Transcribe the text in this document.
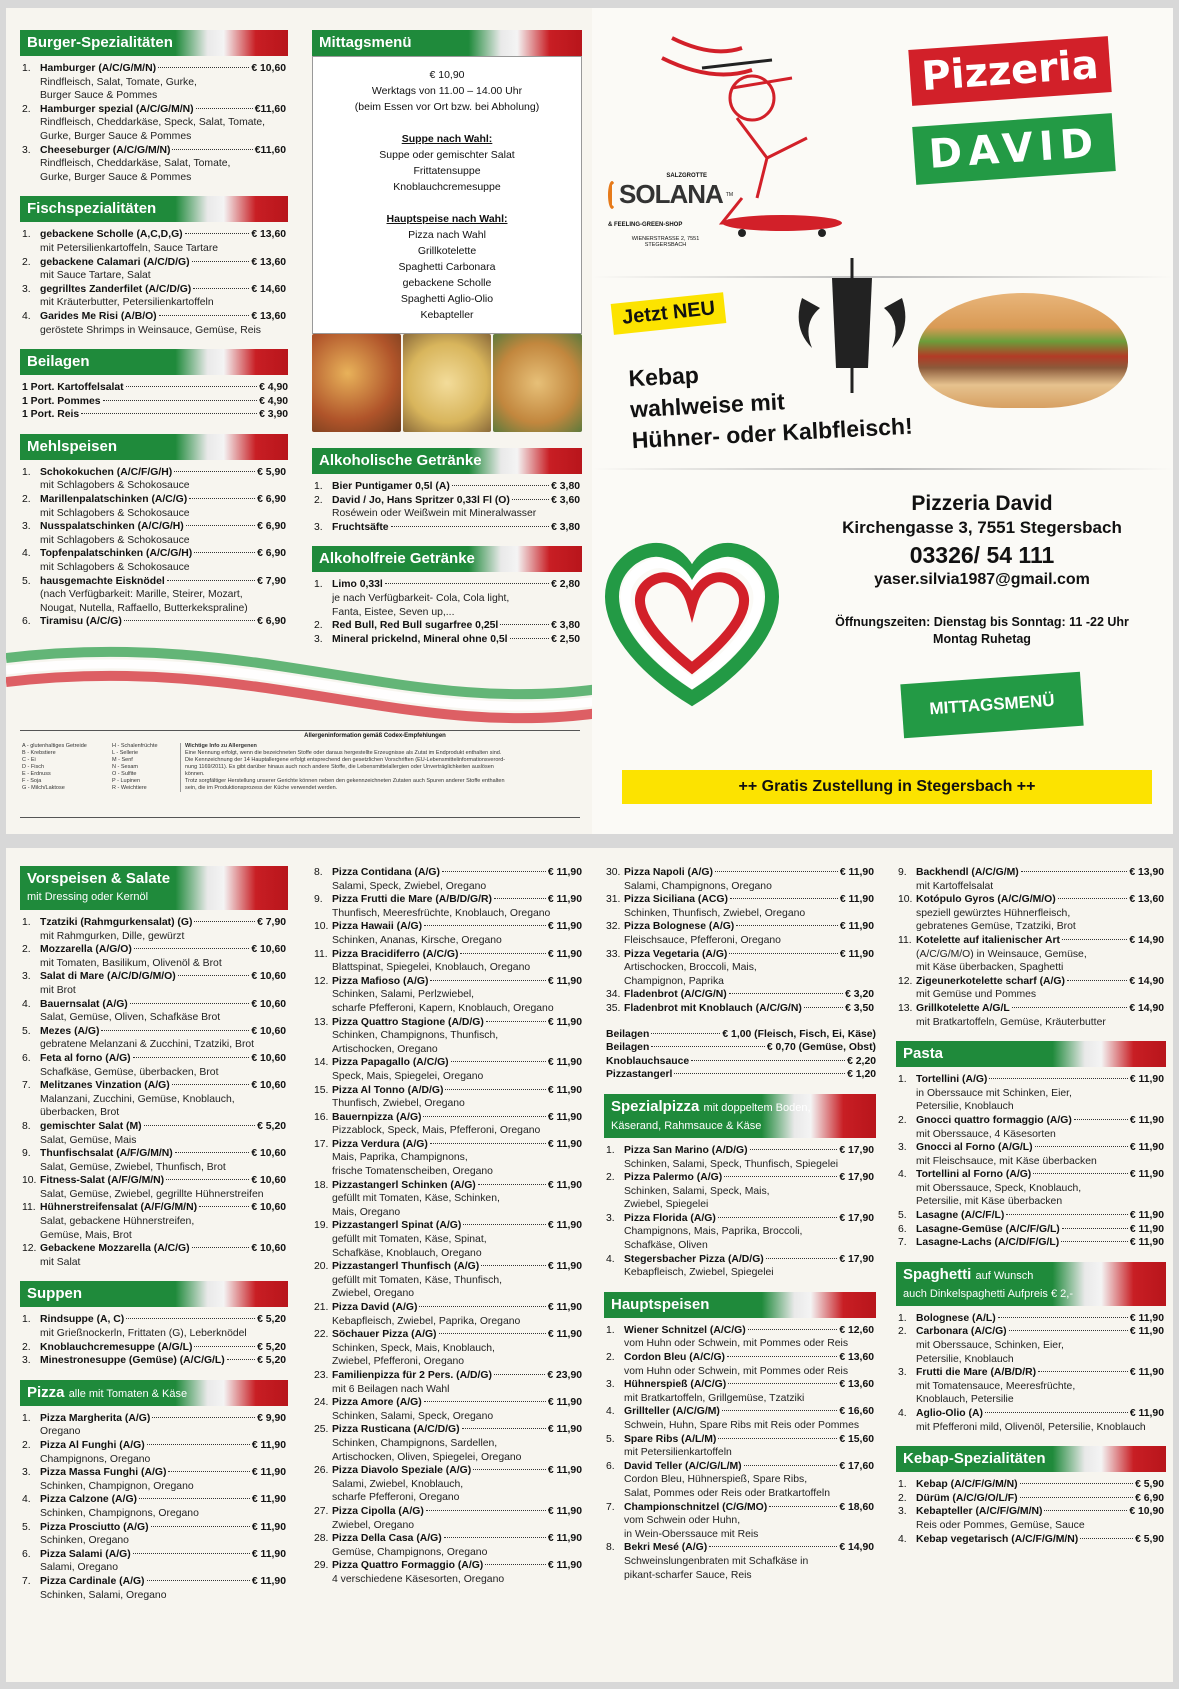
Burger-Spezialitäten
1. Hamburger (A/C/G/M/N)	€ 10,60
Rindfleisch, Salat, Tomate, Gurke,
Burger Sauce & Pommes
2. Hamburger spezial (A/C/G/M/N)	€11,60
Rindfleisch, Cheddarkäse, Speck, Salat, Tomate,
Gurke, Burger Sauce & Pommes
3. Cheeseburger (A/C/G/M/N)	€11,60
Rindfleisch, Cheddarkäse, Salat, Tomate,
Gurke, Burger Sauce & Pommes
Fischspezialitäten
1. gebackene Scholle (A,C,D,G)	€ 13,60
mit Petersilienkartoffeln, Sauce Tartare
2. gebackene Calamari (A/C/D/G)	€ 13,60
mit Sauce Tartare, Salat
3. gegrilltes Zanderfilet (A/C/D/G)	€ 14,60
mit Kräuterbutter, Petersilienkartoffeln
4. Garides Me Risi (A/B/O)	€ 13,60
geröstete Shrimps in Weinsauce, Gemüse, Reis
Beilagen
1 Port. Kartoffelsalat	€ 4,90
1 Port. Pommes	€ 4,90
1 Port. Reis	€ 3,90
Mehlspeisen
1. Schokokuchen (A/C/F/G/H)	€ 5,90
mit Schlagobers & Schokosauce
2. Marillenpalatschinken (A/C/G)	€ 6,90
mit Schlagobers & Schokosauce
3. Nusspalatschinken (A/C/G/H)	€ 6,90
mit Schlagobers & Schokosauce
4. Topfenpalatschinken (A/C/G/H)	€ 6,90
mit Schlagobers & Schokosauce
5. hausgemachte Eisknödel	€ 7,90
(nach Verfügbarkeit: Marille, Steirer, Mozart,
Nougat, Nutella, Raffaello, Butterkekspraline)
6. Tiramisu (A/C/G)	€ 6,90
Mittagsmenü
€ 10,90
Werktags von 11.00 – 14.00 Uhr
(beim Essen vor Ort bzw. bei Abholung)
Suppe nach Wahl:
Suppe oder gemischter Salat
Frittatensuppe
Knoblauchcremesuppe
Hauptspeise nach Wahl:
Pizza nach Wahl
Grillkotelette
Spaghetti Carbonara
gebackene Scholle
Spaghetti Aglio-Olio
Kebapteller
Alkoholische Getränke
1. Bier Puntigamer 0,5l (A)	€ 3,80
2. David / Jo, Hans Spritzer 0,33l Fl (O)	€ 3,60
Roséwein oder Weißwein mit Mineralwasser
3. Fruchtsäfte	€ 3,80
Alkoholfreie Getränke
1. Limo 0,33l	€ 2,80
je nach Verfügbarkeit- Cola, Cola light,
Fanta, Eistee, Seven up,...
2. Red Bull, Red Bull sugarfree 0,25l	€ 3,80
3. Mineral prickelnd, Mineral ohne 0,5l	€ 2,50
Allergeninformation gemäß Codex-Empfehlungen
A - glutenhaltiges Getreide
B - Krebstiere
C - Ei
D - Fisch
E - Erdnuss
F - Soja
G - Milch/Laktose
H - Schalenfrüchte
L - Sellerie
M - Senf
N - Sesam
O - Sulfite
P - Lupinen
R - Weichtiere
Wichtige Info zu Allergenen
Eine Nennung erfolgt, wenn die bezeichneten Stoffe oder daraus hergestellte Erzeugnisse als Zutat im Endprodukt enthalten sind.
Die Kennzeichnung der 14 Hauptallergene erfolgt entsprechend den gesetzlichen Vorschriften (EU-Lebensmittelinformationsverord-
nung 1169/2011). Es gibt darüber hinaus auch noch andere Stoffe, die Lebensmittelallergien oder Unverträglichkeiten auslösen
können.
Trotz sorgfältiger Herstellung unserer Gerichte können neben den gekennzeichneten Zutaten auch Spuren anderer Stoffe enthalten
sein, die im Produktionsprozess der Küche verwendet werden.
SALZGROTTE
SOLANA TM
& FEELING-GREEN-SHOP
WIENERSTRASSE 2, 7551
STEGERSBACH
Pizzeria
DAVID
Jetzt NEU
Kebap
wahlweise mit
Hühner- oder Kalbfleisch!
Pizzeria David
Kirchengasse 3, 7551 Stegersbach
03326/ 54 111
yaser.silvia1987@gmail.com
Öffnungszeiten: Dienstag bis Sonntag: 11 -22 Uhr
Montag Ruhetag
MITTAGSMENÜ
++ Gratis Zustellung in Stegersbach ++
Vorspeisen & Salate
mit Dressing oder Kernöl
1. Tzatziki (Rahmgurkensalat) (G)	€ 7,90
mit Rahmgurken, Dille, gewürzt
2. Mozzarella (A/G/O)	€ 10,60
mit Tomaten, Basilikum, Olivenöl & Brot
3. Salat di Mare (A/C/D/G/M/O)	€ 10,60
mit Brot
4. Bauernsalat (A/G)	€ 10,60
Salat, Gemüse, Oliven, Schafkäse Brot
5. Mezes (A/G)	€ 10,60
gebratene Melanzani & Zucchini, Tzatziki, Brot
6. Feta al forno (A/G)	€ 10,60
Schafkäse, Gemüse, überbacken, Brot
7. Melitzanes Vinzation (A/G)	€ 10,60
Malanzani, Zucchini, Gemüse, Knoblauch,
überbacken, Brot
8. gemischter Salat (M)	€ 5,20
Salat, Gemüse, Mais
9. Thunfischsalat (A/F/G/M/N)	€ 10,60
Salat, Gemüse, Zwiebel, Thunfisch, Brot
10. Fitness-Salat (A/F/G/M/N)	€ 10,60
Salat, Gemüse, Zwiebel, gegrillte Hühnerstreifen
11. Hühnerstreifensalat (A/F/G/M/N)	€ 10,60
Salat, gebackene Hühnerstreifen,
Gemüse, Mais, Brot
12. Gebackene Mozzarella (A/C/G)	€ 10,60
mit Salat
Suppen
1. Rindsuppe (A, C)	€ 5,20
mit Grießnockerln, Frittaten (G), Leberknödel
2. Knoblauchcremesuppe (A/G/L)	€ 5,20
3. Minestronesuppe (Gemüse) (A/C/G/L)	€ 5,20
Pizza alle mit Tomaten & Käse
1. Pizza Margherita (A/G)	€ 9,90
Oregano
2. Pizza Al Funghi (A/G)	€ 11,90
Champignons, Oregano
3. Pizza Massa Funghi (A/G)	€ 11,90
Schinken, Champignon, Oregano
4. Pizza Calzone (A/G)	€ 11,90
Schinken, Champignons, Oregano
5. Pizza Prosciutto (A/G)	€ 11,90
Schinken, Oregano
6. Pizza Salami (A/G)	€ 11,90
Salami, Oregano
7. Pizza Cardinale (A/G)	€ 11,90
Schinken, Salami, Oregano
8. Pizza Contidana (A/G)	€ 11,90
Salami, Speck, Zwiebel, Oregano
9. Pizza Frutti die Mare (A/B/D/G/R)	€ 11,90
Thunfisch, Meeresfrüchte, Knoblauch, Oregano
10. Pizza Hawaii (A/G)	€ 11,90
Schinken, Ananas, Kirsche, Oregano
11. Pizza Bracidiferro (A/C/G)	€ 11,90
Blattspinat, Spiegelei, Knoblauch, Oregano
12. Pizza Mafioso (A/G)	€ 11,90
Schinken, Salami, Perlzwiebel,
scharfe Pfefferoni, Kapern, Knoblauch, Oregano
13. Pizza Quattro Stagione (A/D/G)	€ 11,90
Schinken, Champignons, Thunfisch,
Artischocken, Oregano
14. Pizza Papagallo (A/C/G)	€ 11,90
Speck, Mais, Spiegelei, Oregano
15. Pizza Al Tonno (A/D/G)	€ 11,90
Thunfisch, Zwiebel, Oregano
16. Bauernpizza (A/G)	€ 11,90
Pizzablock, Speck, Mais, Pfefferoni, Oregano
17. Pizza Verdura (A/G)	€ 11,90
Mais, Paprika, Champignons,
frische Tomatenscheiben, Oregano
18. Pizzastangerl Schinken (A/G)	€ 11,90
gefüllt mit Tomaten, Käse, Schinken,
Mais, Oregano
19. Pizzastangerl Spinat (A/G)	€ 11,90
gefüllt mit Tomaten, Käse, Spinat,
Schafkäse, Knoblauch, Oregano
20. Pizzastangerl Thunfisch (A/G)	€ 11,90
gefüllt mit Tomaten, Käse, Thunfisch,
Zwiebel, Oregano
21. Pizza David (A/G)	€ 11,90
Kebapfleisch, Zwiebel, Paprika, Oregano
22. Söchauer Pizza (A/G)	€ 11,90
Schinken, Speck, Mais, Knoblauch,
Zwiebel, Pfefferoni, Oregano
23. Familienpizza für 2 Pers. (A/D/G)	€ 23,90
mit 6 Beilagen nach Wahl
24. Pizza Amore (A/G)	€ 11,90
Schinken, Salami, Speck, Oregano
25. Pizza Rusticana (A/C/D/G)	€ 11,90
Schinken, Champignons, Sardellen,
Artischocken, Oliven, Spiegelei, Oregano
26. Pizza Diavolo Speziale (A/G)	€ 11,90
Salami, Zwiebel, Knoblauch,
scharfe Pfefferoni, Oregano
27. Pizza Cipolla (A/G)	€ 11,90
Zwiebel, Oregano
28. Pizza Della Casa (A/G)	€ 11,90
Gemüse, Champignons, Oregano
29. Pizza Quattro Formaggio (A/G)	€ 11,90
4 verschiedene Käsesorten, Oregano
30. Pizza Napoli (A/G)	€ 11,90
Salami, Champignons, Oregano
31. Pizza Siciliana (ACG)	€ 11,90
Schinken, Thunfisch, Zwiebel, Oregano
32. Pizza Bolognese (A/G)	€ 11,90
Fleischsauce, Pfefferoni, Oregano
33. Pizza Vegetaria (A/G)	€ 11,90
Artischocken, Broccoli, Mais,
Champignon, Paprika
34. Fladenbrot (A/C/G/N)	€ 3,20
35. Fladenbrot mit Knoblauch (A/C/G/N)	€ 3,50
Beilagen	€ 1,00 (Fleisch, Fisch, Ei, Käse)
Beilagen	€ 0,70 (Gemüse, Obst)
Knoblauchsauce	€ 2,20
Pizzastangerl	€ 1,20
Spezialpizza mit doppeltem Boden,
Käserand, Rahmsauce & Käse
1. Pizza San Marino (A/D/G)	€ 17,90
Schinken, Salami, Speck, Thunfisch, Spiegelei
2. Pizza Palermo (A/G)	€ 17,90
Schinken, Salami, Speck, Mais,
Zwiebel, Spiegelei
3. Pizza Florida (A/G)	€ 17,90
Champignons, Mais, Paprika, Broccoli,
Schafkäse, Oliven
4. Stegersbacher Pizza (A/D/G)	€ 17,90
Kebapfleisch, Zwiebel, Spiegelei
Hauptspeisen
1. Wiener Schnitzel (A/C/G)	€ 12,60
vom Huhn oder Schwein, mit Pommes oder Reis
2. Cordon Bleu (A/C/G)	€ 13,60
vom Huhn oder Schwein, mit Pommes oder Reis
3. Hühnerspieß (A/C/G)	€ 13,60
mit Bratkartoffeln, Grillgemüse, Tzatziki
4. Grillteller (A/C/G/M)	€ 16,60
Schwein, Huhn, Spare Ribs mit Reis oder Pommes
5. Spare Ribs (A/L/M)	€ 15,60
mit Petersilienkartoffeln
6. David Teller (A/C/G/L/M)	€ 17,60
Cordon Bleu, Hühnerspieß, Spare Ribs,
Salat, Pommes oder Reis oder Bratkartoffeln
7. Championschnitzel (C/G/MO)	€ 18,60
vom Schwein oder Huhn,
in Wein-Oberssauce mit Reis
8. Bekri Mesé (A/G)	€ 14,90
Schweinslungenbraten mit Schafkäse in
pikant-scharfer Sauce, Reis
9. Backhendl (A/C/G/M)	€ 13,90
mit Kartoffelsalat
10. Kotópulo Gyros (A/C/G/M/O)	€ 13,60
speziell gewürztes Hühnerfleisch,
gebratenes Gemüse, Tzatziki, Brot
11. Kotelette auf italienischer Art	€ 14,90
(A/C/G/M/O) in Weinsauce, Gemüse,
mit Käse überbacken, Spaghetti
12. Zigeunerkotelette scharf (A/G)	€ 14,90
mit Gemüse und Pommes
13. Grillkotelette A/G/L	€ 14,90
mit Bratkartoffeln, Gemüse, Kräuterbutter
Pasta
1. Tortellini (A/G)	€ 11,90
in Oberssauce mit Schinken, Eier,
Petersilie, Knoblauch
2. Gnocci quattro formaggio (A/G)	€ 11,90
mit Oberssauce, 4 Käsesorten
3. Gnocci al Forno (A/G/L)	€ 11,90
mit Fleischsauce, mit Käse überbacken
4. Tortellini al Forno (A/G)	€ 11,90
mit Oberssauce, Speck, Knoblauch,
Petersilie, mit Käse überbacken
5. Lasagne (A/C/F/L)	€ 11,90
6. Lasagne-Gemüse (A/C/F/G/L)	€ 11,90
7. Lasagne-Lachs (A/C/D/F/G/L)	€ 11,90
Spaghetti auf Wunsch
auch Dinkelspaghetti Aufpreis € 2,-
1. Bolognese (A/L)	€ 11,90
2. Carbonara (A/C/G)	€ 11,90
mit Oberssauce, Schinken, Eier,
Petersilie, Knoblauch
3. Frutti die Mare (A/B/D/R)	€ 11,90
mit Tomatensauce, Meeresfrüchte,
Knoblauch, Petersilie
4. Aglio-Olio (A)	€ 11,90
mit Pfefferoni mild, Olivenöl, Petersilie, Knoblauch
Kebap-Spezialitäten
1. Kebap (A/C/F/G/M/N)	€ 5,90
2. Dürüm (A/C/G/O/L/F)	€ 6,90
3. Kebapteller (A/C/F/G/M/N)	€ 10,90
Reis oder Pommes, Gemüse, Sauce
4. Kebap vegetarisch (A/C/F/G/M/N)	€ 5,90
